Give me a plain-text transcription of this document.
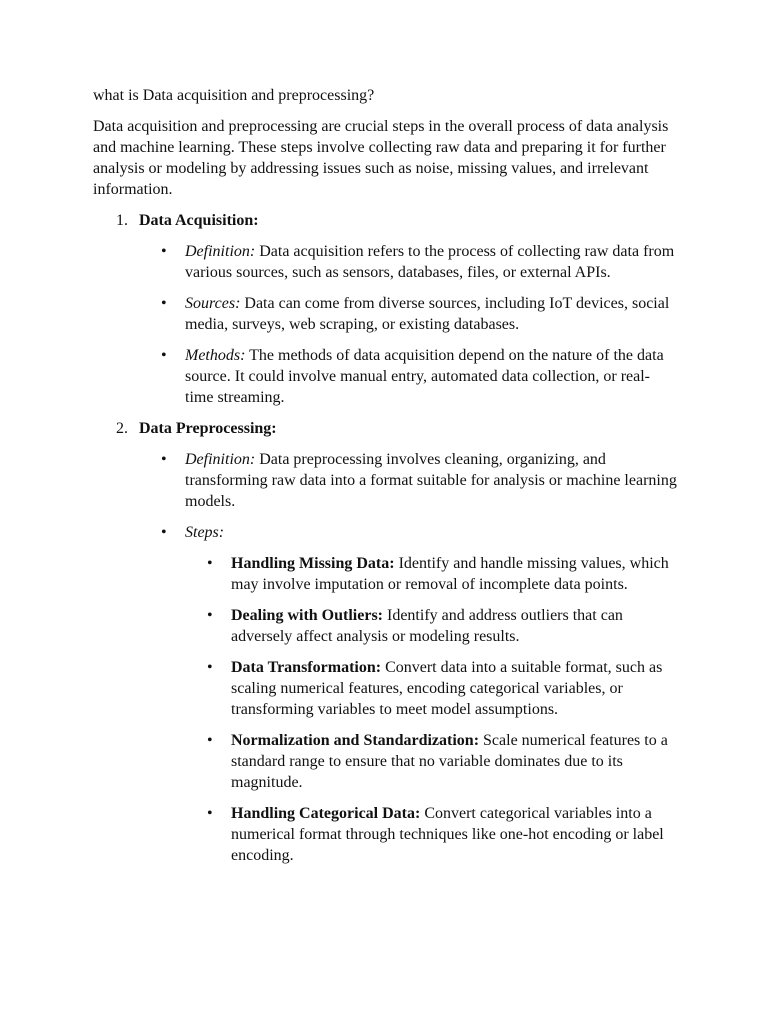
what is Data acquisition and preprocessing?

Data acquisition and preprocessing are crucial steps in the overall process of data analysis and machine learning. These steps involve collecting raw data and preparing it for further analysis or modeling by addressing issues such as noise, missing values, and irrelevant information.

1. Data Acquisition:

• Definition: Data acquisition refers to the process of collecting raw data from various sources, such as sensors, databases, files, or external APIs.

• Sources: Data can come from diverse sources, including IoT devices, social media, surveys, web scraping, or existing databases.

• Methods: The methods of data acquisition depend on the nature of the data source. It could involve manual entry, automated data collection, or real-time streaming.

2. Data Preprocessing:

• Definition: Data preprocessing involves cleaning, organizing, and transforming raw data into a format suitable for analysis or machine learning models.

• Steps:

• Handling Missing Data: Identify and handle missing values, which may involve imputation or removal of incomplete data points.

• Dealing with Outliers: Identify and address outliers that can adversely affect analysis or modeling results.

• Data Transformation: Convert data into a suitable format, such as scaling numerical features, encoding categorical variables, or transforming variables to meet model assumptions.

• Normalization and Standardization: Scale numerical features to a standard range to ensure that no variable dominates due to its magnitude.

• Handling Categorical Data: Convert categorical variables into a numerical format through techniques like one-hot encoding or label encoding.
